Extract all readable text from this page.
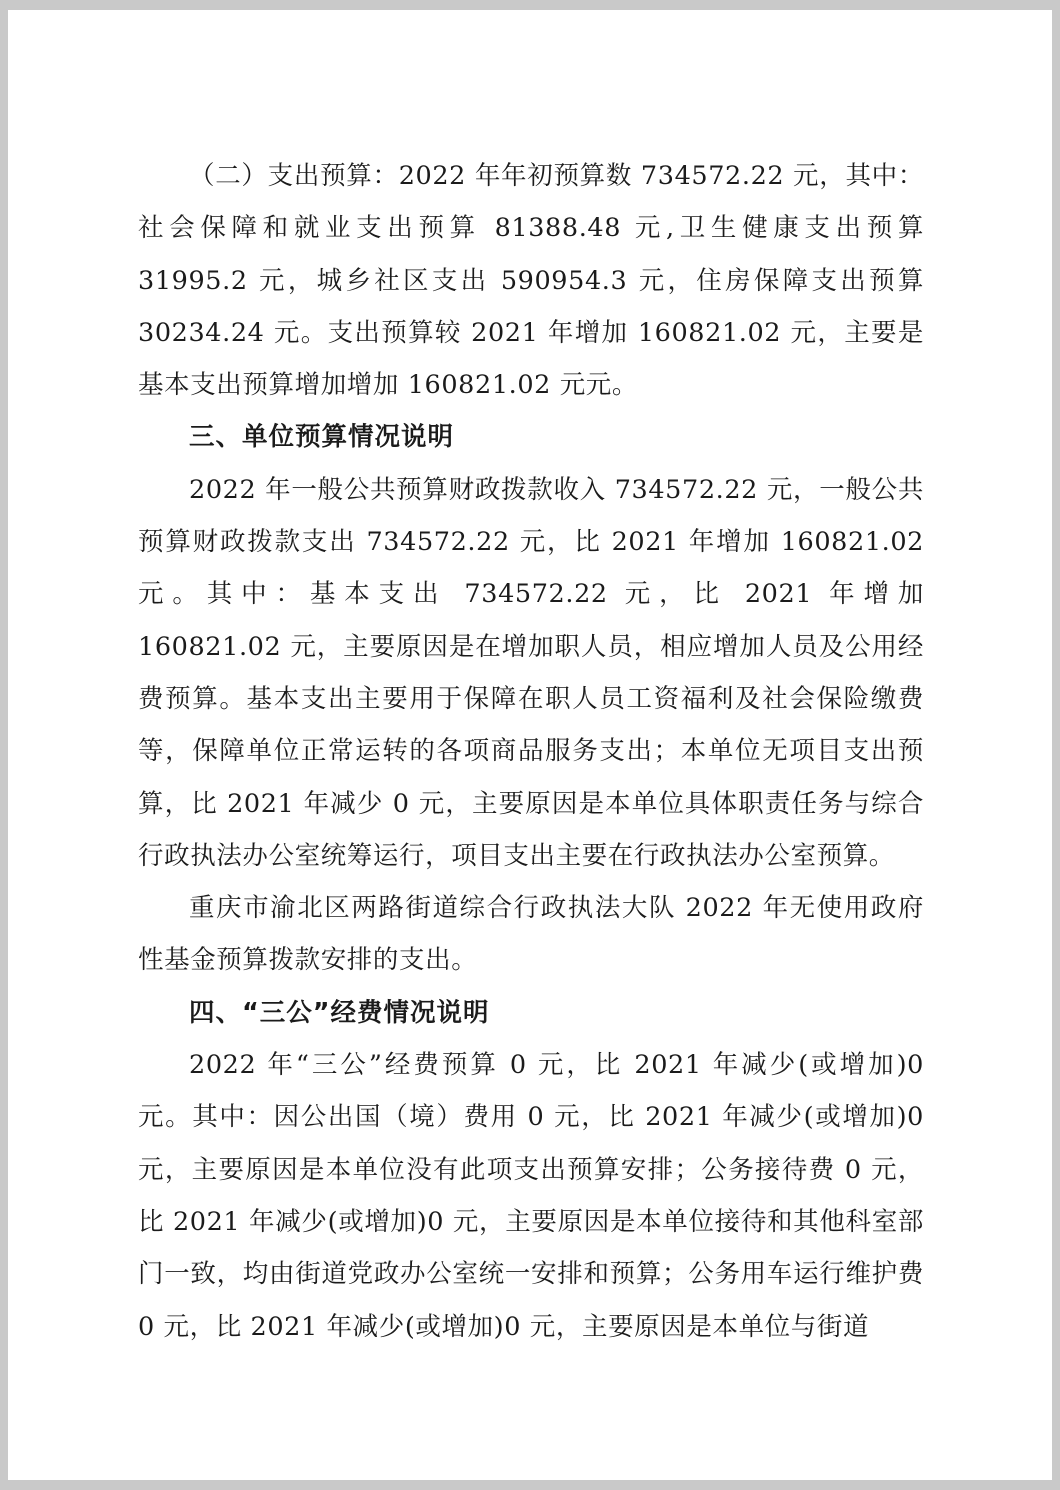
（二）支出预算：2022 年年初预算数 734572.22 元，其中：社会保障和就业支出预算 81388.48 元,卫生健康支出预算 31995.2 元，城乡社区支出 590954.3 元，住房保障支出预算 30234.24 元。支出预算较 2021 年增加 160821.02 元，主要是基本支出预算增加增加 160821.02 元元。

三、单位预算情况说明

2022 年一般公共预算财政拨款收入 734572.22 元，一般公共预算财政拨款支出 734572.22 元，比 2021 年增加 160821.02 元。其中：基本支出 734572.22 元，比 2021 年增加 160821.02 元，主要原因是在增加职人员，相应增加人员及公用经费预算。基本支出主要用于保障在职人员工资福利及社会保险缴费等，保障单位正常运转的各项商品服务支出；本单位无项目支出预算，比 2021 年减少 0 元，主要原因是本单位具体职责任务与综合行政执法办公室统筹运行，项目支出主要在行政执法办公室预算。

重庆市渝北区两路街道综合行政执法大队 2022 年无使用政府性基金预算拨款安排的支出。

四、“三公”经费情况说明

2022 年“三公”经费预算 0 元，比 2021 年减少(或增加)0 元。其中：因公出国（境）费用 0 元，比 2021 年减少(或增加)0 元，主要原因是本单位没有此项支出预算安排；公务接待费 0 元，比 2021 年减少(或增加)0 元，主要原因是本单位接待和其他科室部门一致，均由街道党政办公室统一安排和预算；公务用车运行维护费 0 元，比 2021 年减少(或增加)0 元，主要原因是本单位与街道
